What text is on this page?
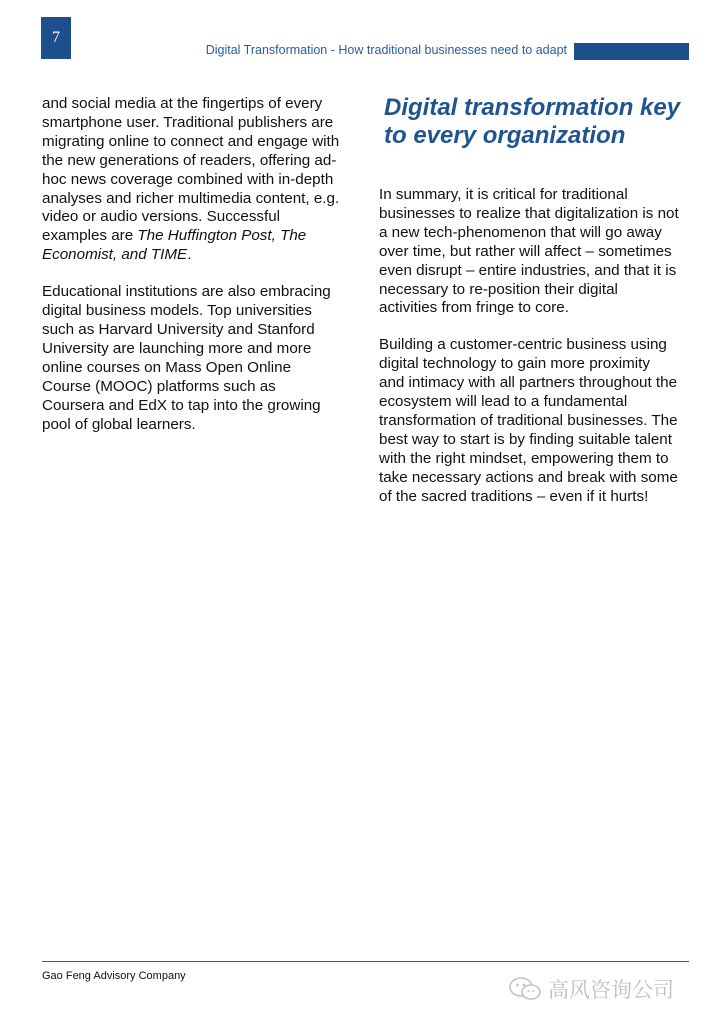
7
Digital Transformation - How traditional businesses need to adapt

and social media at the fingertips of every smartphone user. Traditional publishers are migrating online to connect and engage with the new generations of readers, offering ad-hoc news coverage combined with in-depth analyses and richer multimedia content, e.g. video or audio versions. Successful examples are The Huffington Post, The Economist, and TIME.

Educational institutions are also embracing digital business models. Top universities such as Harvard University and Stanford University are launching more and more online courses on Mass Open Online Course (MOOC) platforms such as Coursera and EdX to tap into the growing pool of global learners.

Digital transformation key to every organization

In summary, it is critical for traditional businesses to realize that digitalization is not a new tech-phenomenon that will go away over time, but rather will affect – sometimes even disrupt – entire industries, and that it is necessary to re-position their digital activities from fringe to core.

Building a customer-centric business using digital technology to gain more proximity and intimacy with all partners throughout the ecosystem will lead to a fundamental transformation of traditional businesses. The best way to start is by finding suitable talent with the right mindset, empowering them to take necessary actions and break with some of the sacred traditions – even if it hurts!

Gao Feng Advisory Company
高风咨询公司
